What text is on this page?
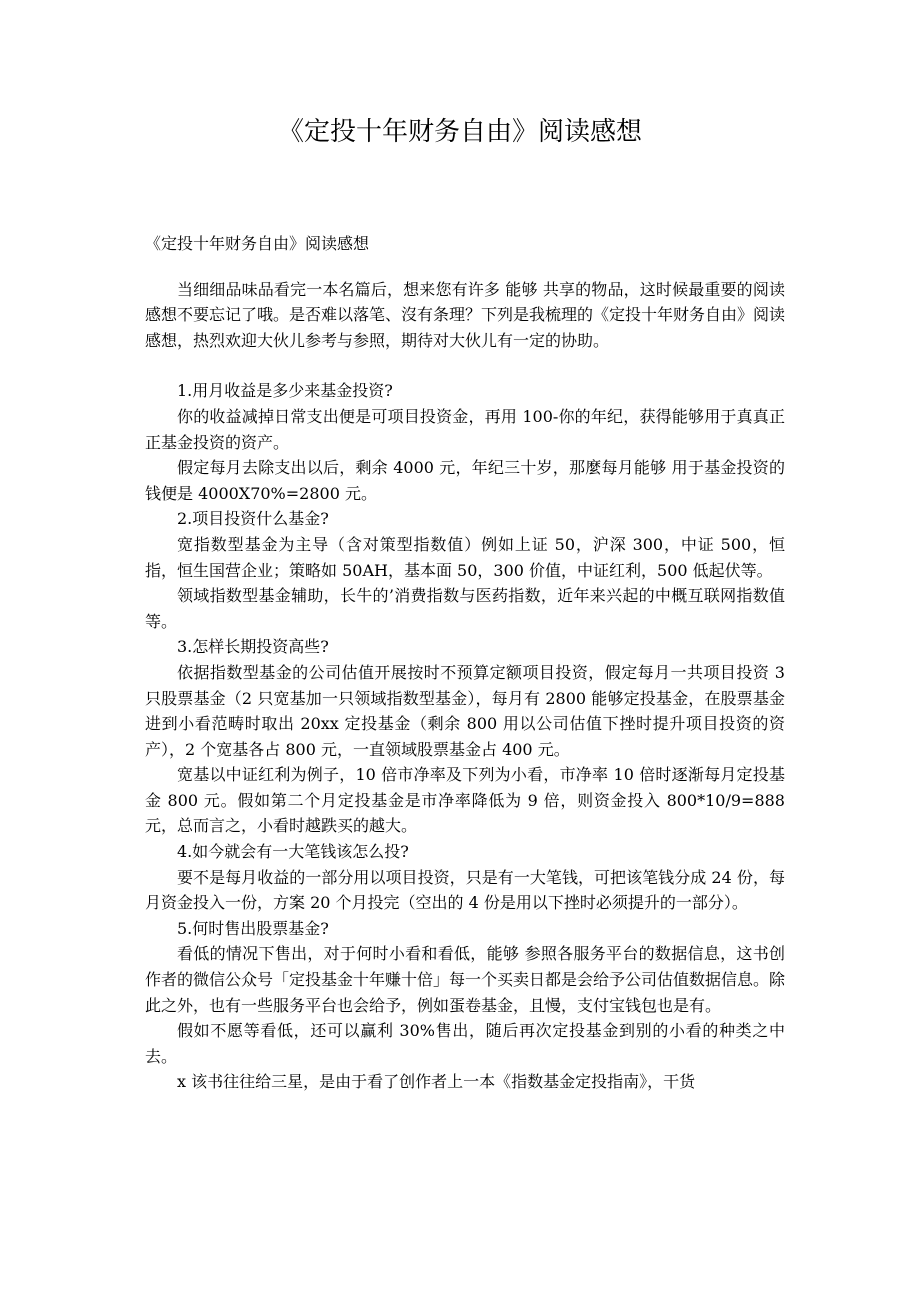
《定投十年财务自由》阅读感想

《定投十年财务自由》阅读感想

当细细品味品看完一本名篇后，想来您有许多 能够 共享的物品，这时候最重要的阅读感想不要忘记了哦。是否难以落笔、沒有条理？下列是我梳理的《定投十年财务自由》阅读感想，热烈欢迎大伙儿参考与参照，期待对大伙儿有一定的协助。

1.用月收益是多少来基金投资?

你的收益减掉日常支出便是可项目投资金，再用 100-你的年纪，获得能够用于真真正正基金投资的资产。

假定每月去除支出以后，剩余 4000 元，年纪三十岁，那麼每月能够 用于基金投资的钱便是 4000X70%=2800 元。

2.项目投资什么基金?

宽指数型基金为主导（含对策型指数值）例如上证 50，沪深 300，中证 500，恒指，恒生国营企业；策略如 50AH，基本面 50，300 价值，中证红利，500 低起伏等。

领域指数型基金辅助，长牛的’消费指数与医药指数，近年来兴起的中概互联网指数值等。

3.怎样长期投资高些?

依据指数型基金的公司估值开展按时不预算定额项目投资，假定每月一共项目投资 3 只股票基金（2 只宽基加一只领域指数型基金），每月有 2800 能够定投基金，在股票基金进到小看范畴时取出 20xx 定投基金（剩余 800 用以公司估值下挫时提升项目投资的资产），2 个宽基各占 800 元，一直领域股票基金占 400 元。

宽基以中证红利为例子，10 倍市净率及下列为小看，市净率 10 倍时逐渐每月定投基金 800 元。假如第二个月定投基金是市净率降低为 9 倍，则资金投入 800*10/9=888 元，总而言之，小看时越跌买的越大。

4.如今就会有一大笔钱该怎么投?

要不是每月收益的一部分用以项目投资，只是有一大笔钱，可把该笔钱分成 24 份，每月资金投入一份，方案 20 个月投完（空出的 4 份是用以下挫时必须提升的一部分）。

5.何时售出股票基金?

看低的情况下售出，对于何时小看和看低，能够 参照各服务平台的数据信息，这书创作者的微信公众号「定投基金十年赚十倍」每一个买卖日都是会给予公司估值数据信息。除此之外，也有一些服务平台也会给予，例如蛋卷基金，且慢，支付宝钱包也是有。

假如不愿等看低，还可以赢利 30%售出，随后再次定投基金到别的小看的种类之中去。

x 该书往往给三星，是由于看了创作者上一本《指数基金定投指南》，干货
